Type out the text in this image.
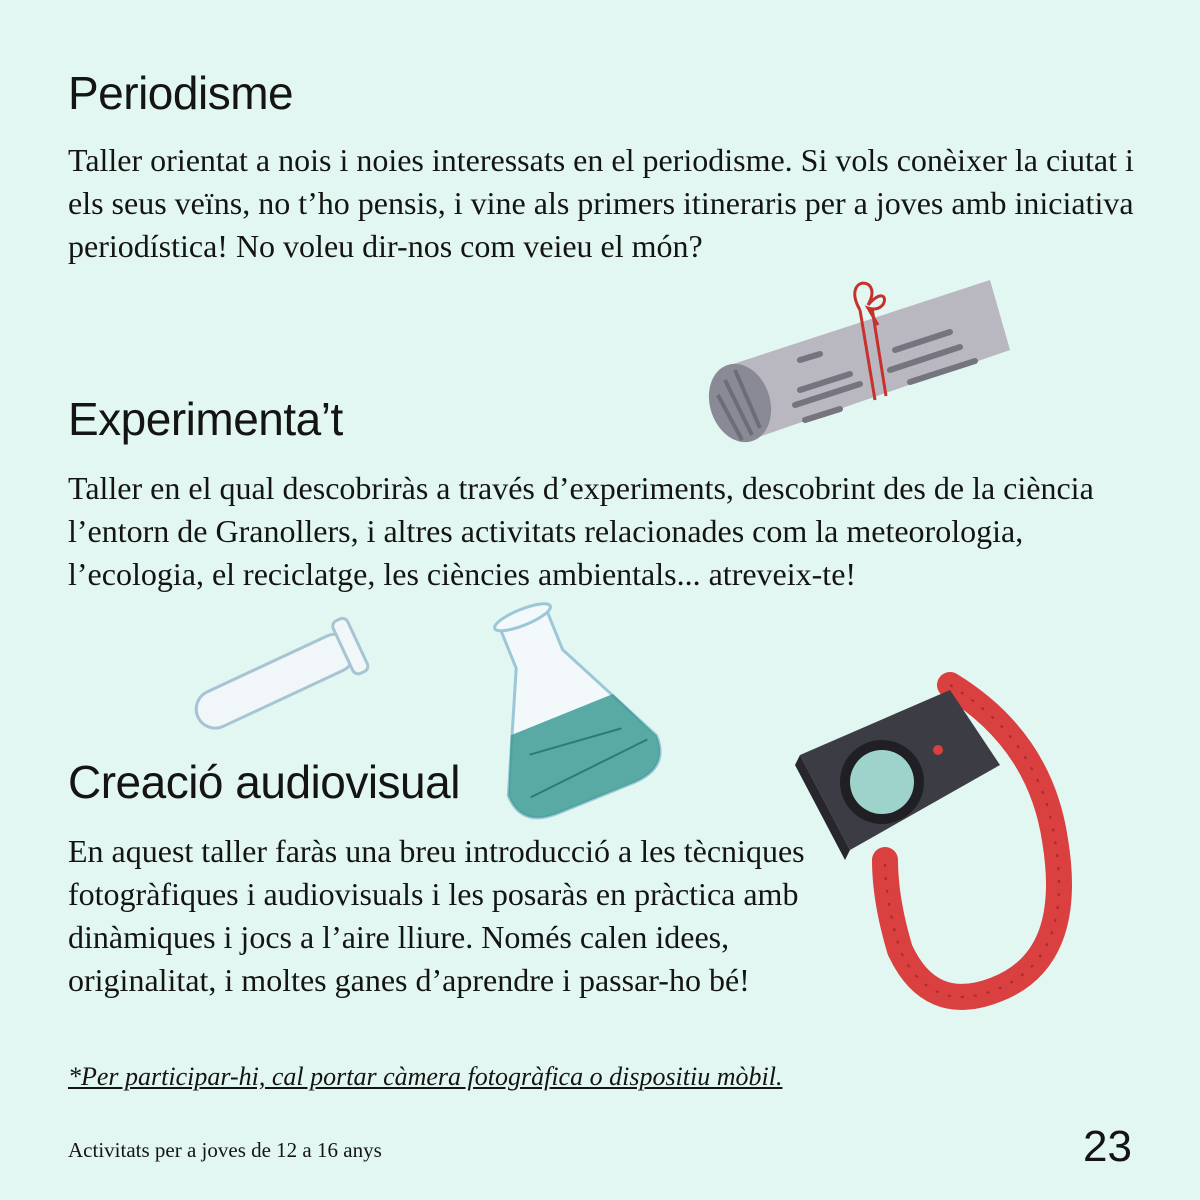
Periodisme

Taller orientat a nois i noies interessats en el periodisme. Si vols conèixer la ciutat i els seus veïns, no t’ho pensis, i vine als primers itineraris per a joves amb iniciativa periodística! No voleu dir-nos com veieu el món?

Experimenta’t

Taller en el qual descobriràs a través d’experiments, descobrint des de la ciència l’entorn de Granollers, i altres activitats relacionades com la meteorologia, l’ecologia, el reciclatge, les ciències ambientals... atreveix-te!

Creació audiovisual

En aquest taller faràs una breu introducció a les tècniques fotogràfiques i audiovisuals i les posaràs en pràctica amb dinàmiques i jocs a l’aire lliure. Només calen idees, originalitat, i moltes ganes d’aprendre i passar-ho bé!

*Per participar-hi, cal portar càmera fotogràfica o dispositiu mòbil.

Activitats per a joves de 12 a 16 anys	23
